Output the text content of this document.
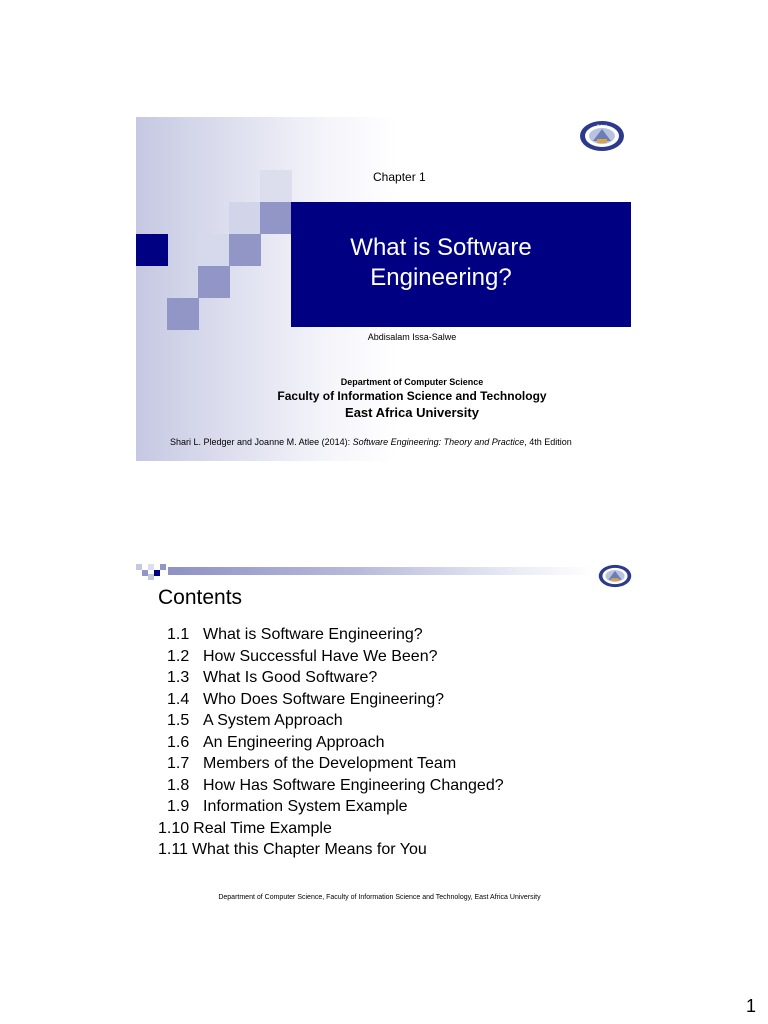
What is Software Engineering?
Chapter 1
E.A.U
Abdisalam Issa-Salwe
Department of Computer Science
Faculty of Information Science and Technology
East Africa University
Shari L. Pledger and Joanne M. Atlee (2014): Software Engineering: Theory and Practice, 4th Edition
Contents
1.1 What is Software Engineering?
1.2 How Successful Have We Been?
1.3 What Is Good Software?
1.4 Who Does Software Engineering?
1.5 A System Approach
1.6 An Engineering Approach
1.7 Members of the Development Team
1.8 How Has Software Engineering Changed?
1.9 Information System Example
1.10 Real Time Example
1.11 What this Chapter Means for You
Department of Computer Science, Faculty of Information Science and Technology, East Africa University
1
